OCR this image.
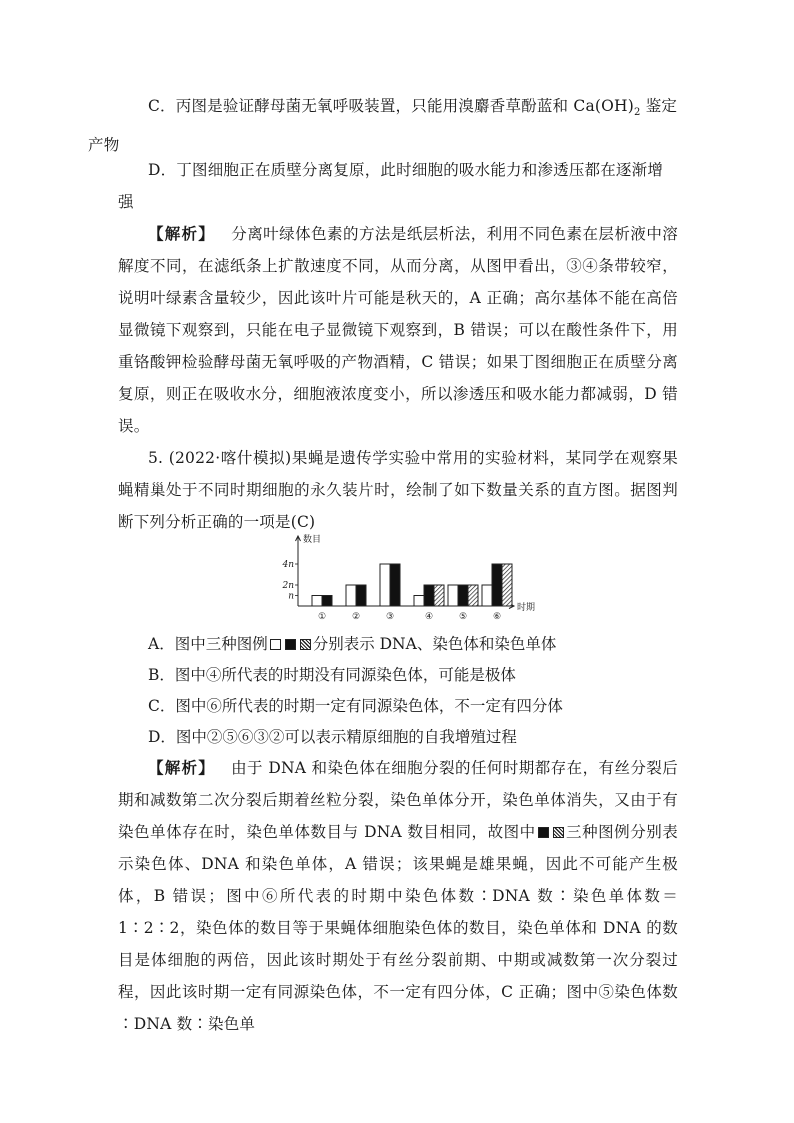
C．丙图是验证酵母菌无氧呼吸装置，只能用溴麝香草酚蓝和 $Ca(OH)_2$ 鉴定
产物

D．丁图细胞正在质壁分离复原，此时细胞的吸水能力和渗透压都在逐渐增
强

【解析】 分离叶绿体色素的方法是纸层析法，利用不同色素在层析液中溶解度不同，在滤纸条上扩散速度不同，从而分离，从图甲看出，③④条带较窄，说明叶绿素含量较少，因此该叶片可能是秋天的，A 正确；高尔基体不能在高倍显微镜下观察到，只能在电子显微镜下观察到，B 错误；可以在酸性条件下，用重铬酸钾检验酵母菌无氧呼吸的产物酒精，C 错误；如果丁图细胞正在质壁分离复原，则正在吸收水分，细胞液浓度变小，所以渗透压和吸水能力都减弱，D 错误。

5. (2022·喀什模拟)果蝇是遗传学实验中常用的实验材料，某同学在观察果蝇精巢处于不同时期细胞的永久装片时，绘制了如下数量关系的直方图。据图判断下列分析正确的一项是(C)

数目
时期
4n
2n
n
①	②	③	④	⑤	⑥

A．图中三种图例	分别表示 DNA、染色体和染色单体

B．图中④所代表的时期没有同源染色体，可能是极体

C．图中⑥所代表的时期一定有同源染色体，不一定有四分体

D．图中②⑤⑥③②可以表示精原细胞的自我增殖过程

【解析】 由于 DNA 和染色体在细胞分裂的任何时期都存在，有丝分裂后期和减数第二次分裂后期着丝粒分裂，染色单体分开，染色单体消失，又由于有染色单体存在时，染色单体数目与 DNA 数目相同，故图中 三种图例分别表示染色体、DNA 和染色单体，A 错误；该果蝇是雄果蝇，因此不可能产生极体，B 错误；图中⑥所代表的时期中染色体数∶DNA 数∶染色单体数＝1∶2∶2，染色体的数目等于果蝇体细胞染色体的数目，染色单体和 DNA 的数目是体细胞的两倍，因此该时期处于有丝分裂前期、中期或减数第一次分裂过程，因此该时期一定有同源染色体，不一定有四分体，C 正确；图中⑤染色体数∶DNA 数∶染色单
